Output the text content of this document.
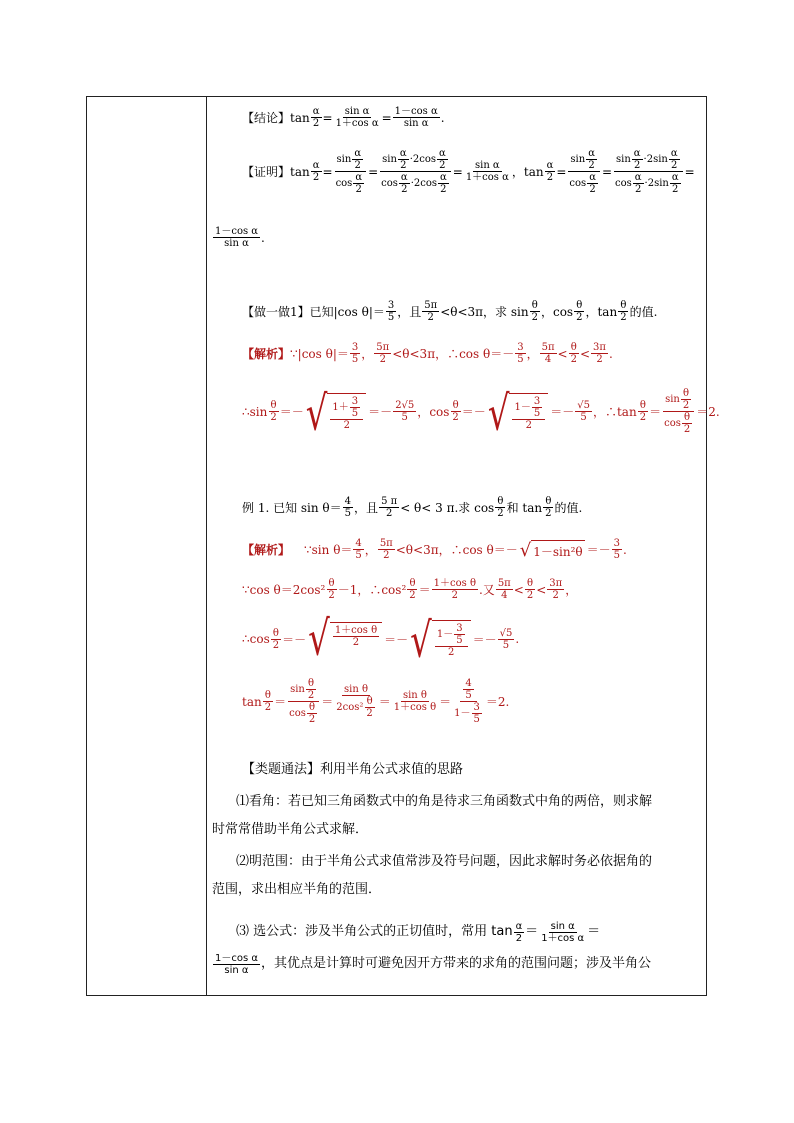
【结论】 $\tan \frac{\alpha}{2} = \frac{\text{sin α}}{\text{1＋cos α}} = \frac{\text{1－cos α}}{\text{sin α}}$ .
【证明】 $\tan \frac{\alpha}{2} = \frac{\sin \frac{\alpha}{2}}{\cos \frac{\alpha}{2}} = \frac{\sin \frac{\alpha}{2} \cdot 2\cos \frac{\alpha}{2}}{\cos \frac{\alpha}{2} \cdot 2\cos \frac{\alpha}{2}} = \frac{\text{sin α}}{\text{1＋cos α}}$ ， $\tan \frac{\alpha}{2} = \frac{\sin \frac{\alpha}{2}}{\cos \frac{\alpha}{2}} = \frac{\sin \frac{\alpha}{2} \cdot 2\sin \frac{\alpha}{2}}{\cos \frac{\alpha}{2} \cdot 2\sin \frac{\alpha}{2}}$ =
$\frac{\text{1－cos α}}{\text{sin α}}$ .
【做一做1】 已知|cos $\theta|= \frac{3}{5}$ ，且 $\frac{5\pi}{2} <\theta<3\pi$，求 $\sin \frac{\theta}{2}$ ，$\cos \frac{\theta}{2}$ ，$\tan \frac{\theta}{2}$ 的值.
【解析】 ∵|cos $\theta|= \frac{3}{5}$ ， $\frac{5\pi}{2} <\theta<3\pi$，∴cos $\theta=- \frac{3}{5}$ ， $\frac{5\pi}{4} < \frac{\theta}{2} < \frac{3\pi}{2}$ .
∴sin $\frac{\theta}{2}$ ＝－ √ $\frac{1+ \frac{3}{5}}{2} =- \frac{2√5}{5}$ ， $\cos \frac{\theta}{2}$ ＝－ √ $\frac{1- \frac{3}{5}}{2} =- \frac{√5}{5}$ ，∴tan $\frac{\theta}{2} = \frac{\sin \frac{\theta}{2}}{\cos \frac{\theta}{2}} =2$.
例 1. 已知 $\sin \theta= \frac{4}{5}$ ，且 $\frac{5 \pi}{2} < \theta< 3$ π.求 $\cos \frac{\theta}{2}$ 和 $\tan \frac{\theta}{2}$ 的值.
【解析】 ∵sin $\theta= \frac{4}{5}$ ， $\frac{5\pi}{2} <\theta<3\pi$，∴cos θ＝－ √ $1-\sin^2\theta =- \frac{3}{5}$ .
∵cos $\theta=2\cos^2 \frac{\theta}{2} -1$，∴cos² $\frac{\theta}{2} = \frac{\text{1＋cos θ}}{2}$ .又 $\frac{5\pi}{4} < \frac{\theta}{2} < \frac{3\pi}{2}$ ，
∴cos $\frac{\theta}{2}$ ＝－ √ $\frac{\text{1＋cos θ}}{2}$ ＝－ √ $\frac{1- \frac{3}{5}}{2} =- \frac{√5}{5}$ .
$\tan \frac{\theta}{2} = \frac{\sin \frac{\theta}{2}}{\cos \frac{\theta}{2}} = \frac{\text{sin θ}}{2\cos^2 \frac{\theta}{2}} = \frac{\text{sin θ}}{\text{1＋cos θ}} = \frac{\frac{4}{5}}{1- \frac{3}{5}} =2$.
【类题通法】利用半角公式求值的思路
⑴看角：若已知三角函数式中的角是待求三角函数式中角的两倍，则求解
时常常借助半角公式求解．
⑵明范围：由于半角公式求值常涉及符号问题，因此求解时务必依据角的
范围，求出相应半角的范围．
⑶ 选公式：涉及半角公式的正切值时，常用 $\tan \frac{\alpha}{2} = \frac{\text{sin α}}{\text{1＋cos α}}$ ＝
$\frac{\text{1－cos α}}{\text{sin α}}$ ，其优点是计算时可避免因开方带来的求角的范围问题；涉及半角公
